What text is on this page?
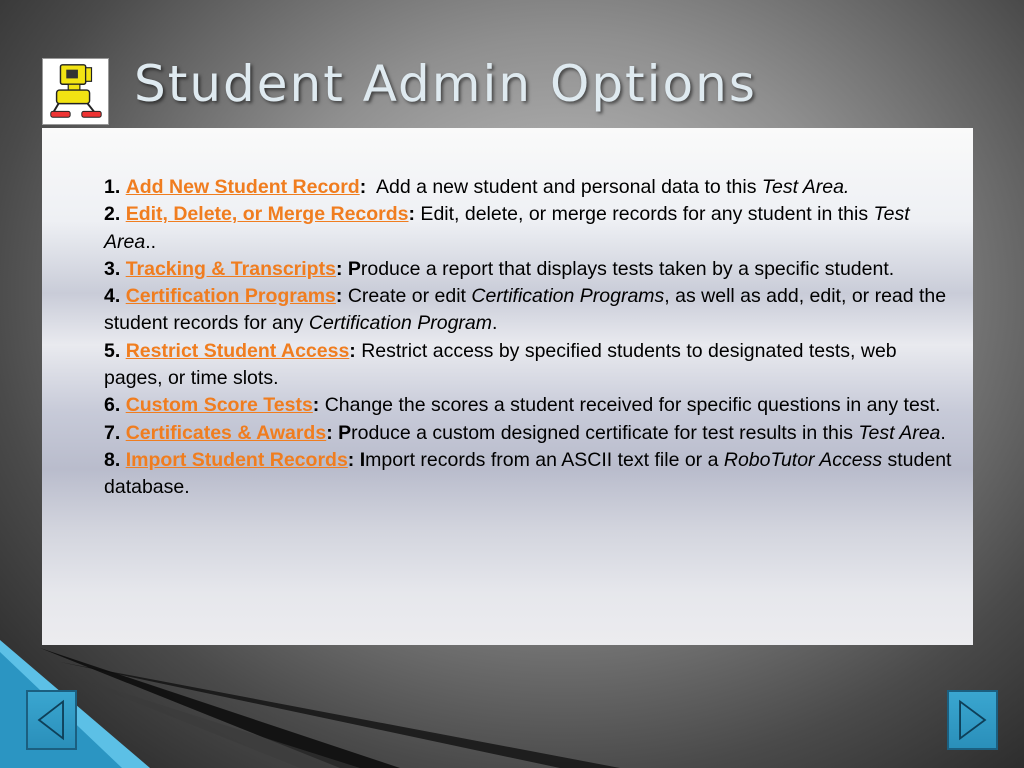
Student Admin Options

1. Add New Student Record:  Add a new student and personal data to this Test Area.

2. Edit, Delete, or Merge Records: Edit, delete, or merge records for any student in this Test Area..

3. Tracking & Transcripts: Produce a report that displays tests taken by a specific student.

4. Certification Programs: Create or edit Certification Programs, as well as add, edit, or read the student records for any Certification Program.

5. Restrict Student Access: Restrict access by specified students to designated tests, web pages, or time slots.

6. Custom Score Tests: Change the scores a student received for specific questions in any test.

7. Certificates & Awards: Produce a custom designed certificate for test results in this Test Area.

8. Import Student Records: Import records from an ASCII text file or a RoboTutor Access student database.
